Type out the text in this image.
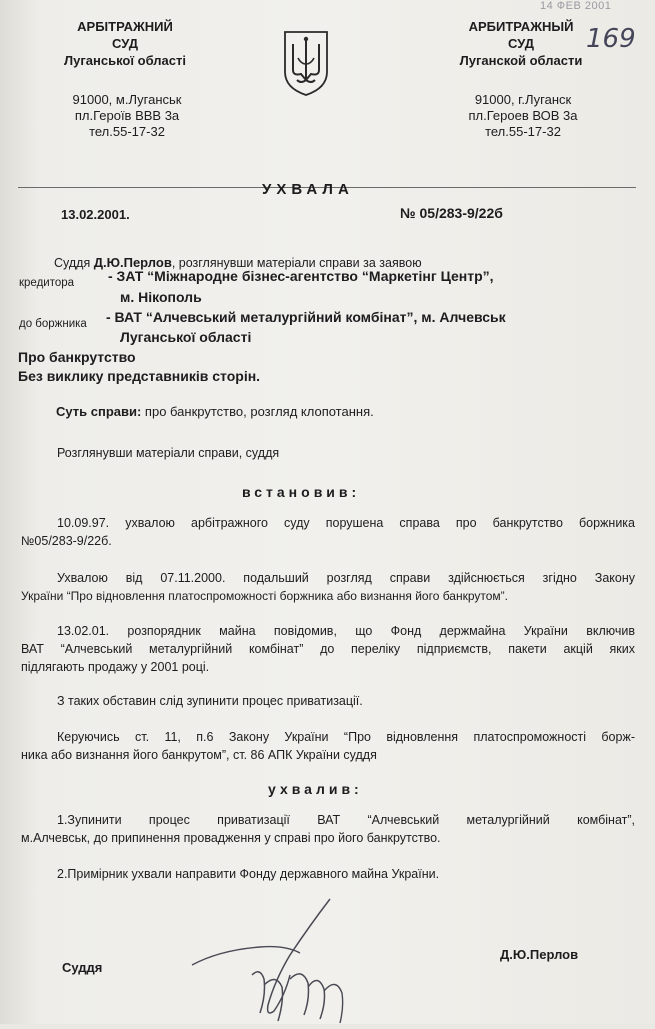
АРБІТРАЖНИЙ
СУД
Луганської області
91000, м.Луганськ
пл.Героїв ВВВ 3а
тел.55-17-32
АРБИТРАЖНЫЙ
СУД
Луганской области
91000, г.Луганск
пл.Героев ВОВ 3а
тел.55-17-32
14 ФЕВ 2001
169
УХВАЛА
13.02.2001.	№ 05/283-9/22б
Суддя Д.Ю.Перлов, розглянувши матеріали справи за заявою
кредитора - ЗАТ “Міжнародне бізнес-агентство “Маркетінг Центр”,
м. Нікополь
до боржника - ВАТ “Алчевський металургійний комбінат”, м. Алчевськ
Луганської області
Про банкрутство
Без виклику представників сторін.
Суть справи: про банкрутство, розгляд клопотання.
Розглянувши матеріали справи, суддя
встановив:
10.09.97. ухвалою арбітражного суду порушена справа про банкрутство боржника
№05/283-9/22б.
Ухвалою від 07.11.2000. подальший розгляд справи здійснюється згідно Закону
України “Про відновлення платоспроможності боржника або визнання його банкрутом”.
13.02.01. розпорядник майна повідомив, що Фонд держмайна України включив
ВАТ “Алчевський металургійний комбінат” до переліку підприємств, пакети акцій яких
підлягають продажу у 2001 році.
З таких обставин слід зупинити процес приватизації.
Керуючись ст. 11, п.6 Закону України “Про відновлення платоспроможності борж-
ника або визнання його банкрутом”, ст. 86 АПК України суддя
ухвалив:
1.Зупинити процес приватизації ВАТ “Алчевський металургійний комбінат”,
м.Алчевськ, до припинення провадження у справі про його банкрутство.
2.Примірник ухвали направити Фонду державного майна України.
Суддя
Д.Ю.Перлов
